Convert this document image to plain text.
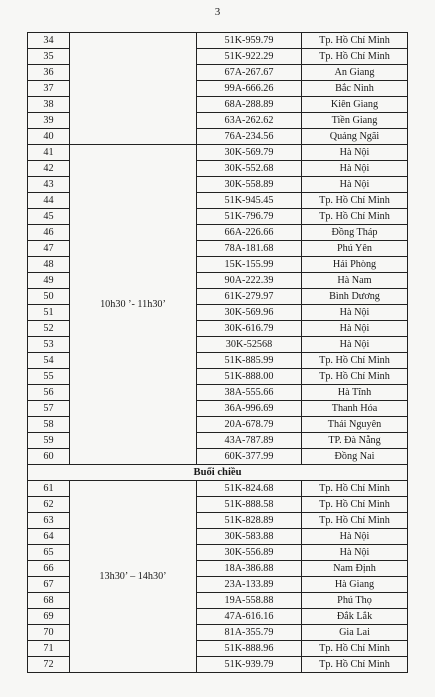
3
34		51K-959.79	Tp. Hồ Chí Minh
35		51K-922.29	Tp. Hồ Chí Minh
36		67A-267.67	An Giang
37		99A-666.26	Bắc Ninh
38		68A-288.89	Kiên Giang
39		63A-262.62	Tiền Giang
40		76A-234.56	Quảng Ngãi
41	10h30 ’- 11h30’	30K-569.79	Hà Nội
42		30K-552.68	Hà Nội
43		30K-558.89	Hà Nội
44		51K-945.45	Tp. Hồ Chí Minh
45		51K-796.79	Tp. Hồ Chí Minh
46		66A-226.66	Đồng Tháp
47		78A-181.68	Phú Yên
48		15K-155.99	Hải Phòng
49		90A-222.39	Hà Nam
50		61K-279.97	Bình Dương
51		30K-569.96	Hà Nội
52		30K-616.79	Hà Nội
53		30K-52568	Hà Nội
54		51K-885.99	Tp. Hồ Chí Minh
55		51K-888.00	Tp. Hồ Chí Minh
56		38A-555.66	Hà Tĩnh
57		36A-996.69	Thanh Hóa
58		20A-678.79	Thái Nguyên
59		43A-787.89	TP. Đà Nẵng
60		60K-377.99	Đồng Nai
Buổi chiều			
61	13h30’ – 14h30’	51K-824.68	Tp. Hồ Chí Minh
62		51K-888.58	Tp. Hồ Chí Minh
63		51K-828.89	Tp. Hồ Chí Minh
64		30K-583.88	Hà Nội
65		30K-556.89	Hà Nội
66		18A-386.88	Nam Định
67		23A-133.89	Hà Giang
68		19A-558.88	Phú Thọ
69		47A-616.16	Đắk Lắk
70		81A-355.79	Gia Lai
71		51K-888.96	Tp. Hồ Chí Minh
72		51K-939.79	Tp. Hồ Chí Minh
